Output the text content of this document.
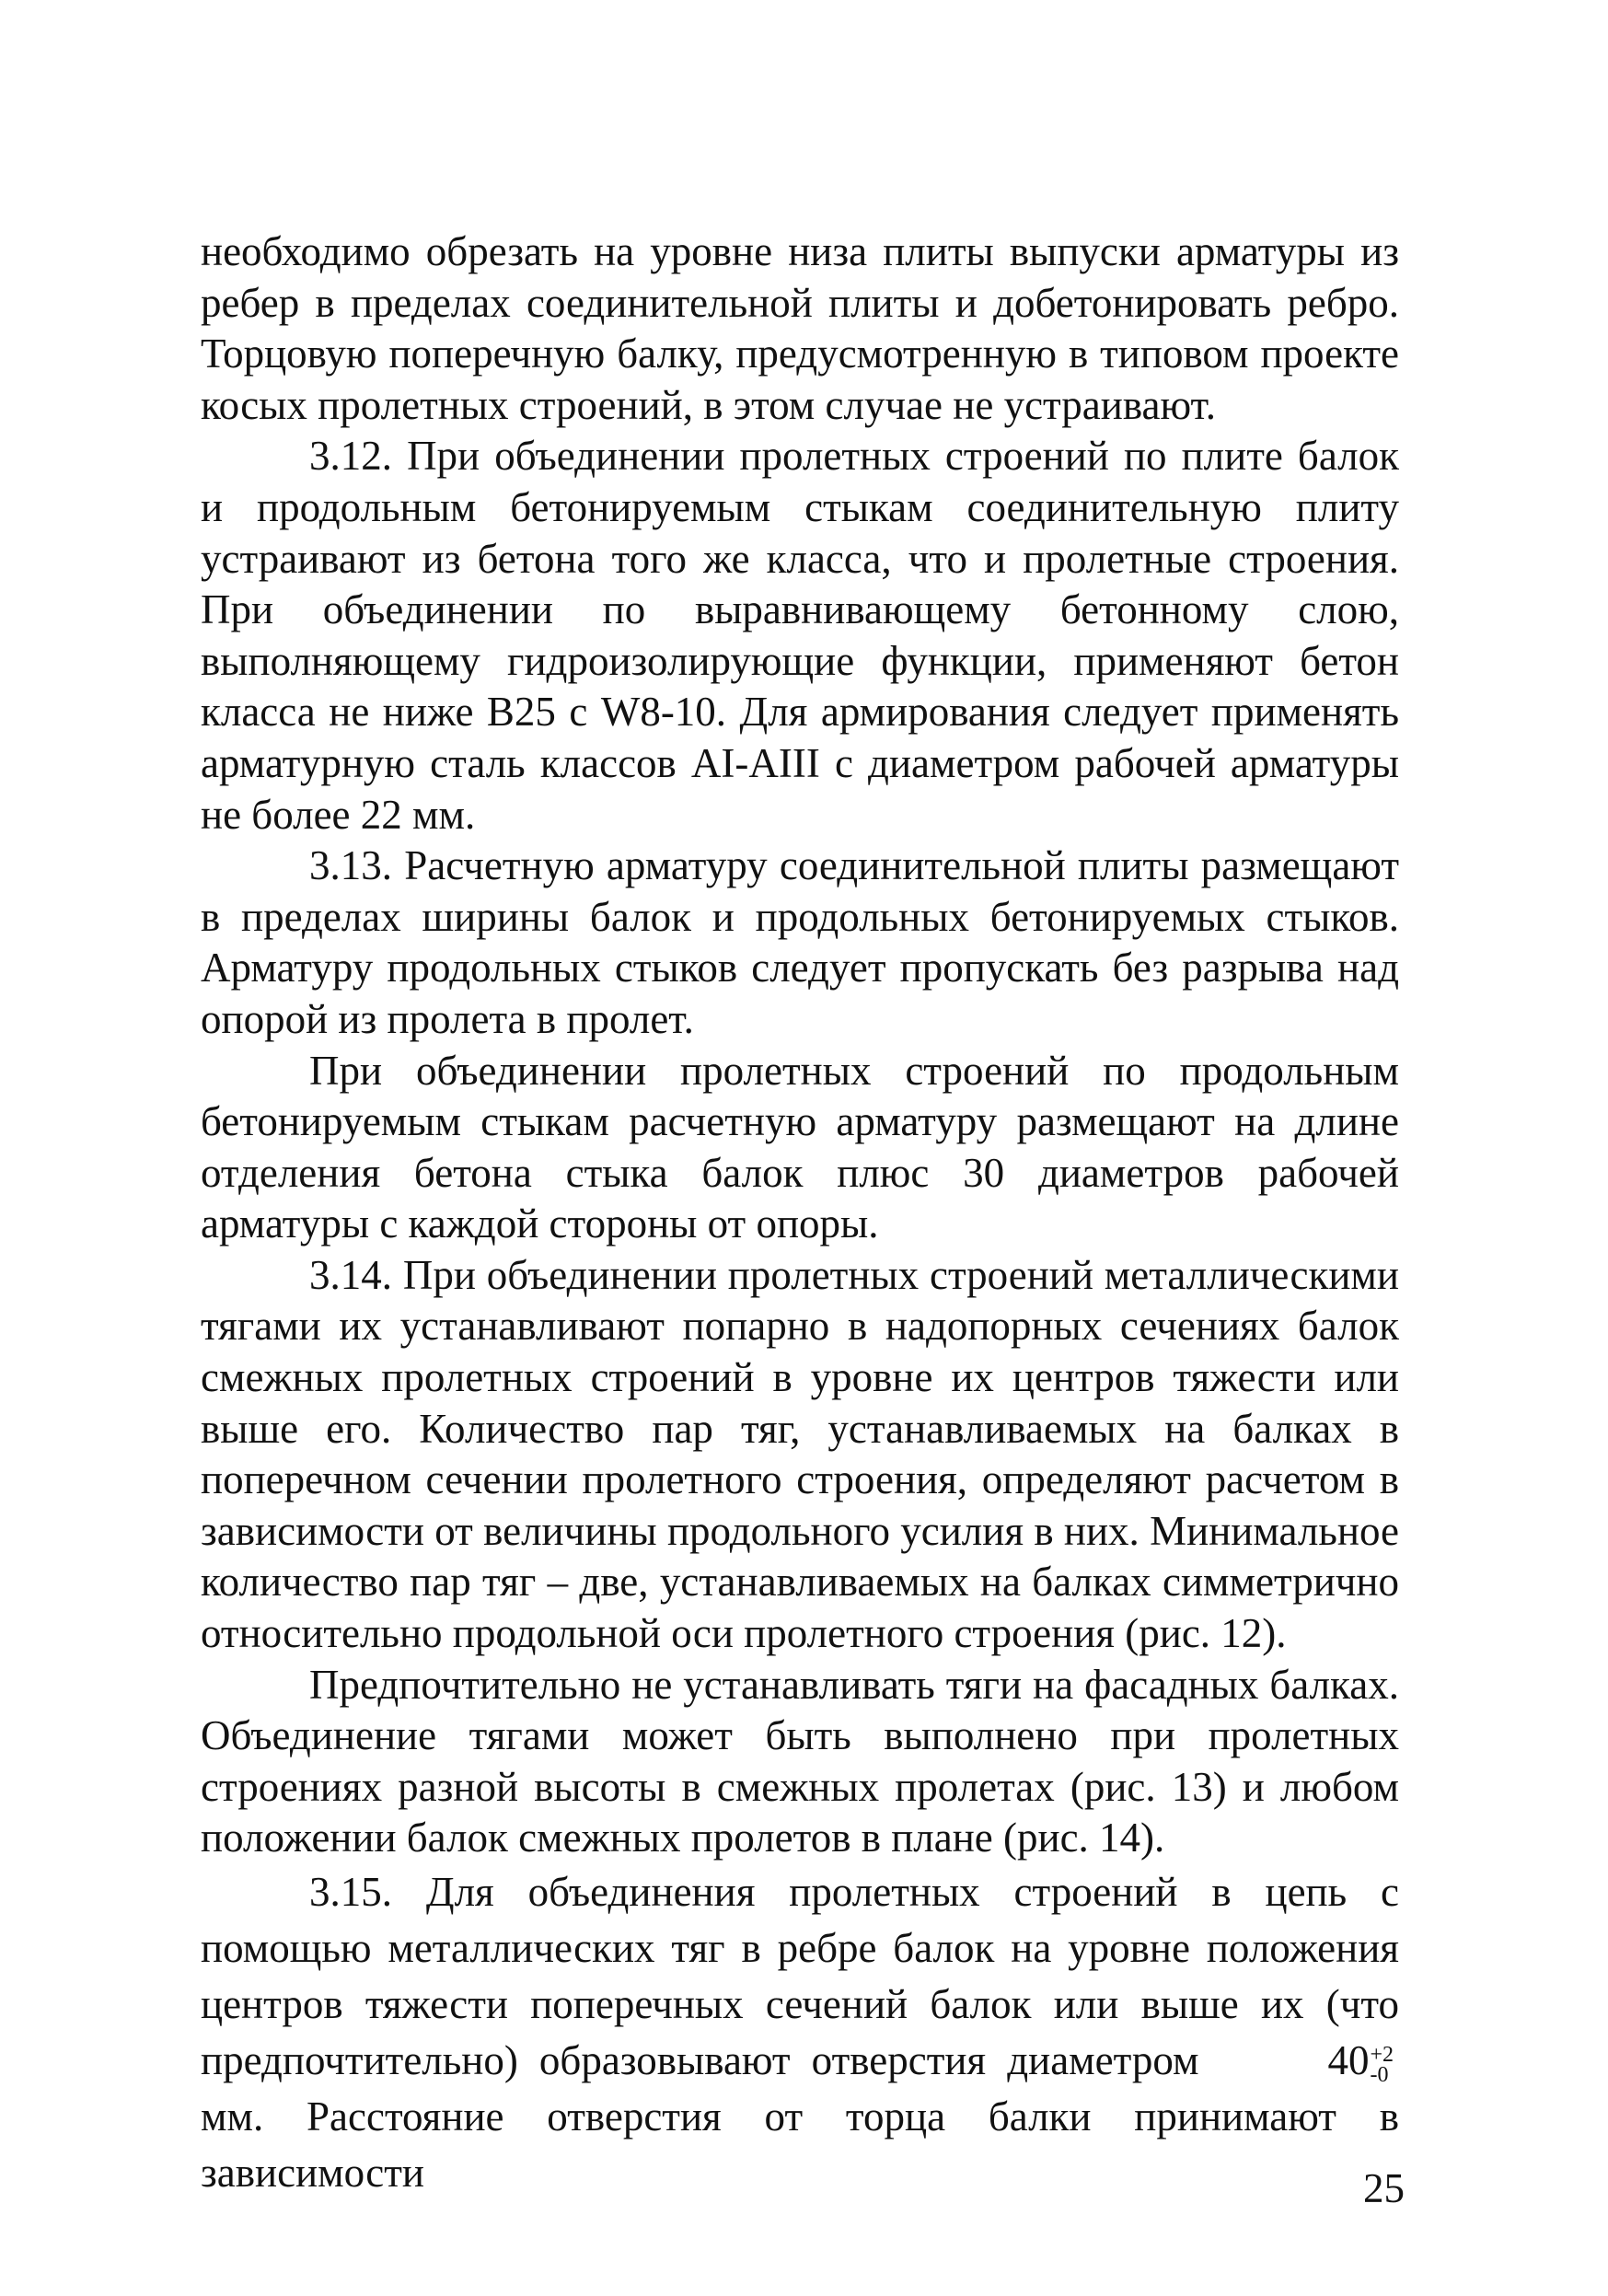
необходимо обрезать на уровне низа плиты выпуски арматуры из ребер в пределах соединительной плиты и добетонировать ребро. Торцовую поперечную балку, предусмотренную в типовом проекте косых пролетных строений, в этом случае не устраивают.

3.12. При объединении пролетных строений по плите балок и продольным бетонируемым стыкам соединительную плиту устраивают из бетона того же класса, что и пролетные строения. При объединении по выравнивающему бетонному слою, выполняющему гидроизолирующие функции, применяют бетон класса не ниже В25 с W8-10. Для армирования следует применять арматурную сталь классов AI-AIII с диаметром рабочей арматуры не более 22 мм.

3.13. Расчетную арматуру соединительной плиты размещают в пределах ширины балок и продольных бетонируемых стыков. Арматуру продольных стыков следует пропускать без разрыва над опорой из пролета в пролет.

При объединении пролетных строений по продольным бетонируемым стыкам расчетную арматуру размещают на длине отделения бетона стыка балок плюс 30 диаметров рабочей арматуры с каждой стороны от опоры.

3.14. При объединении пролетных строений металлическими тягами их устанавливают попарно в надопорных сечениях балок смежных пролетных строений в уровне их центров тяжести или выше его. Количество пар тяг, устанавливаемых на балках в поперечном сечении пролетного строения, определяют расчетом в зависимости от величины продольного усилия в них. Минимальное количество пар тяг – две, устанавливаемых на балках симметрично относительно продольной оси пролетного строения (рис. 12).

Предпочтительно не устанавливать тяги на фасадных балках. Объединение тягами может быть выполнено при пролетных строениях разной высоты в смежных пролетах (рис. 13) и любом положении балок смежных пролетов в плане (рис. 14).

3.15. Для объединения пролетных строений в цепь с помощью металлических тяг в ребре балок на уровне положения центров тяжести поперечных сечений балок или выше их (что предпочтительно) образовывают отверстия диаметром	40 +2
-0
мм. Расстояние отверстия от торца балки принимают в зависимости	25
